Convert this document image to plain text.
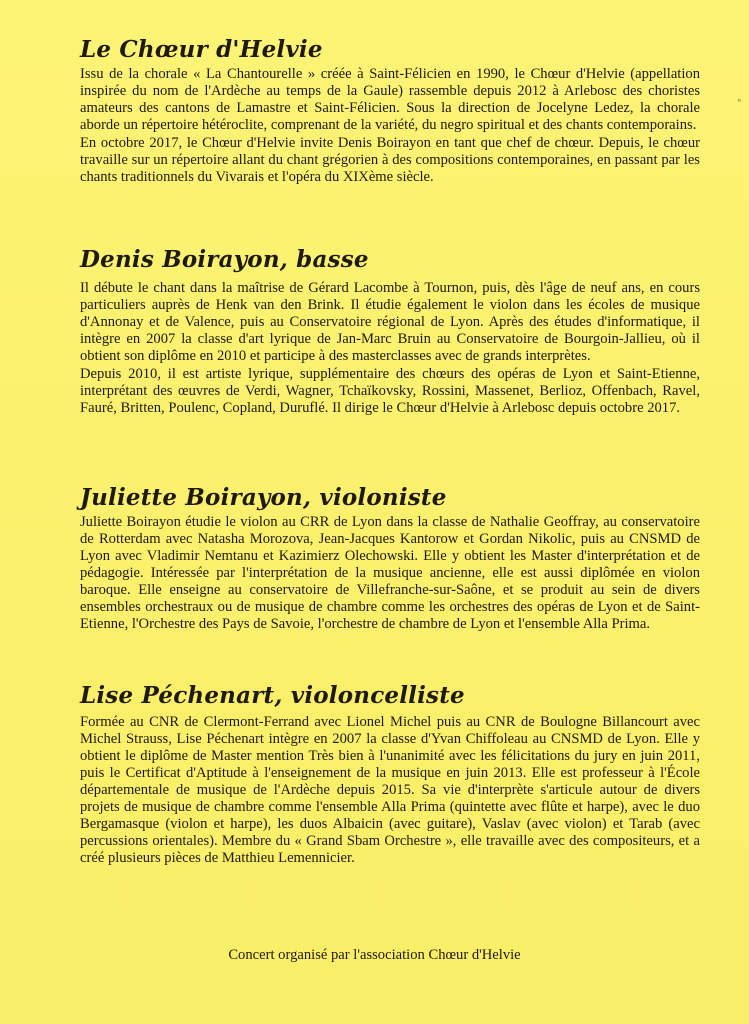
ⁿ
Le Chœur d'Helvie

Issu de la chorale « La Chantourelle » créée à Saint-Félicien en 1990, le Chœur d'Helvie (appellation inspirée du nom de l'Ardèche au temps de la Gaule) rassemble depuis 2012 à Arlebosc des choristes amateurs des cantons de Lamastre et Saint-Félicien. Sous la direction de Jocelyne Ledez, la chorale aborde un répertoire hétéroclite, comprenant de la variété, du negro spiritual et des chants contemporains.

En octobre 2017, le Chœur d'Helvie invite Denis Boirayon en tant que chef de chœur. Depuis, le chœur travaille sur un répertoire allant du chant grégorien à des compositions contemporaines, en passant par les chants traditionnels du Vivarais et l'opéra du XIXème siècle.

Denis Boirayon, basse

Il débute le chant dans la maîtrise de Gérard Lacombe à Tournon, puis, dès l'âge de neuf ans, en cours particuliers auprès de Henk van den Brink. Il étudie également le violon dans les écoles de musique d'Annonay et de Valence, puis au Conservatoire régional de Lyon. Après des études d'informatique, il intègre en 2007 la classe d'art lyrique de Jan-Marc Bruin au Conservatoire de Bourgoin-Jallieu, où il obtient son diplôme en 2010 et participe à des masterclasses avec de grands interprètes.

Depuis 2010, il est artiste lyrique, supplémentaire des chœurs des opéras de Lyon et Saint-Etienne, interprétant des œuvres de Verdi, Wagner, Tchaïkovsky, Rossini, Massenet, Berlioz, Offenbach, Ravel, Fauré, Britten, Poulenc, Copland, Duruflé. Il dirige le Chœur d'Helvie à Arlebosc depuis octobre 2017.

Juliette Boirayon, violoniste

Juliette Boirayon étudie le violon au CRR de Lyon dans la classe de Nathalie Geoffray, au conservatoire de Rotterdam avec Natasha Morozova, Jean-Jacques Kantorow et Gordan Nikolic, puis au CNSMD de Lyon avec Vladimir Nemtanu et Kazimierz Olechowski. Elle y obtient les Master d'interprétation et de pédagogie. Intéressée par l'interprétation de la musique ancienne, elle est aussi diplômée en violon baroque. Elle enseigne au conservatoire de Villefranche-sur-Saône, et se produit au sein de divers ensembles orchestraux ou de musique de chambre comme les orchestres des opéras de Lyon et de Saint-Etienne, l'Orchestre des Pays de Savoie, l'orchestre de chambre de Lyon et l'ensemble Alla Prima.

Lise Péchenart, violoncelliste

Formée au CNR de Clermont-Ferrand avec Lionel Michel puis au CNR de Boulogne Billancourt avec Michel Strauss, Lise Péchenart intègre en 2007 la classe d'Yvan Chiffoleau au CNSMD de Lyon. Elle y obtient le diplôme de Master mention Très bien à l'unanimité avec les félicitations du jury en juin 2011, puis le Certificat d'Aptitude à l'enseignement de la musique en juin 2013. Elle est professeur à l'École départementale de musique de l'Ardèche depuis 2015. Sa vie d'interprète s'articule autour de divers projets de musique de chambre comme l'ensemble Alla Prima (quintette avec flûte et harpe), avec le duo Bergamasque (violon et harpe), les duos Albaicin (avec guitare), Vaslav (avec violon) et Tarab (avec percussions orientales). Membre du « Grand Sbam Orchestre », elle travaille avec des compositeurs, et a créé plusieurs pièces de Matthieu Lemennicier.

Concert organisé par l'association Chœur d'Helvie
